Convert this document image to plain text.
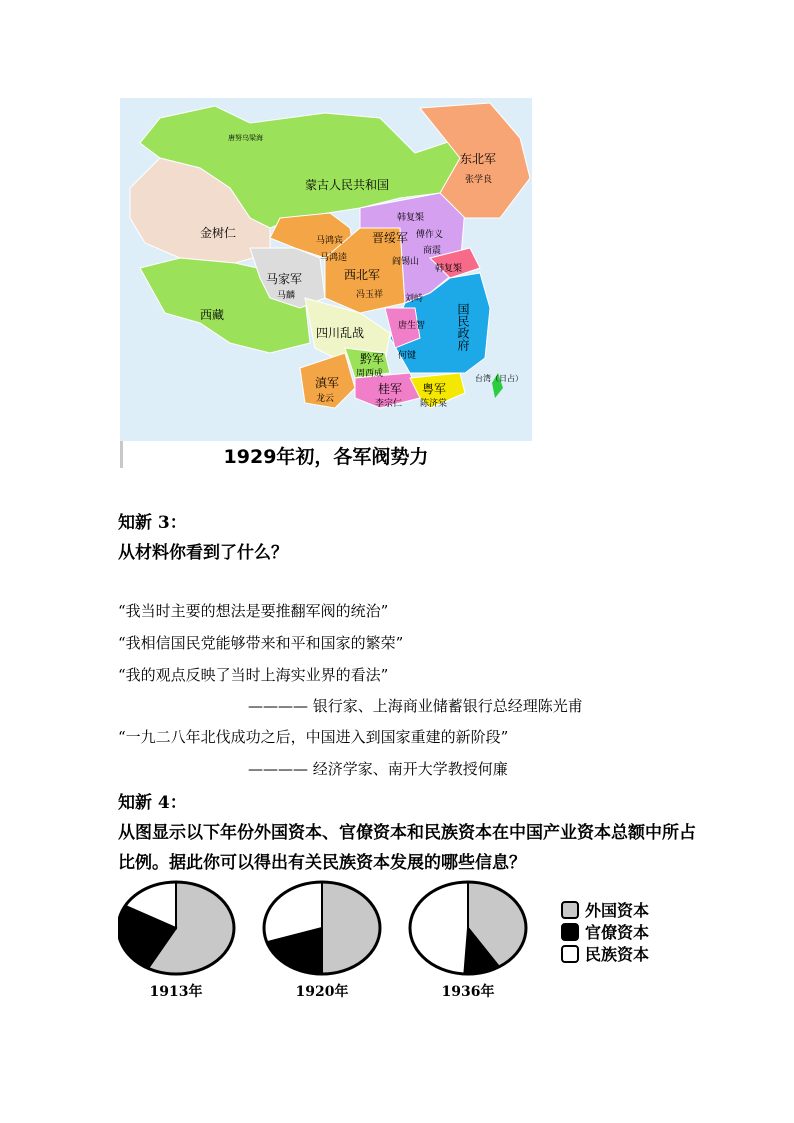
1929年初，各军阀势力
唐努乌梁海
蒙古人民共和国
东北军
张学良
金树仁
西藏
马家军
马麟
马鸿宾
马鸿逵
西北军
冯玉祥
晋绥军
韩复榘
傅作义
商震
阎锡山
韩复榘
刘峙
国民政府
四川乱战	唐生智
何键
黔军
周西成
滇军
龙云
桂军
李宗仁
粤军
陈济棠
台湾（日占）
知新 3：
从材料你看到了什么？
“我当时主要的想法是要推翻军阀的统治”
“我相信国民党能够带来和平和国家的繁荣”
“我的观点反映了当时上海实业界的看法”
———— 银行家、上海商业储蓄银行总经理陈光甫
“一九二八年北伐成功之后，中国进入到国家重建的新阶段”
———— 经济学家、南开大学教授何廉
知新 4：
从图显示以下年份外国资本、官僚资本和民族资本在中国产业资本总额中所占
比例。据此你可以得出有关民族资本发展的哪些信息？
1913年	1920年	1936年
外国资本
官僚资本
民族资本
